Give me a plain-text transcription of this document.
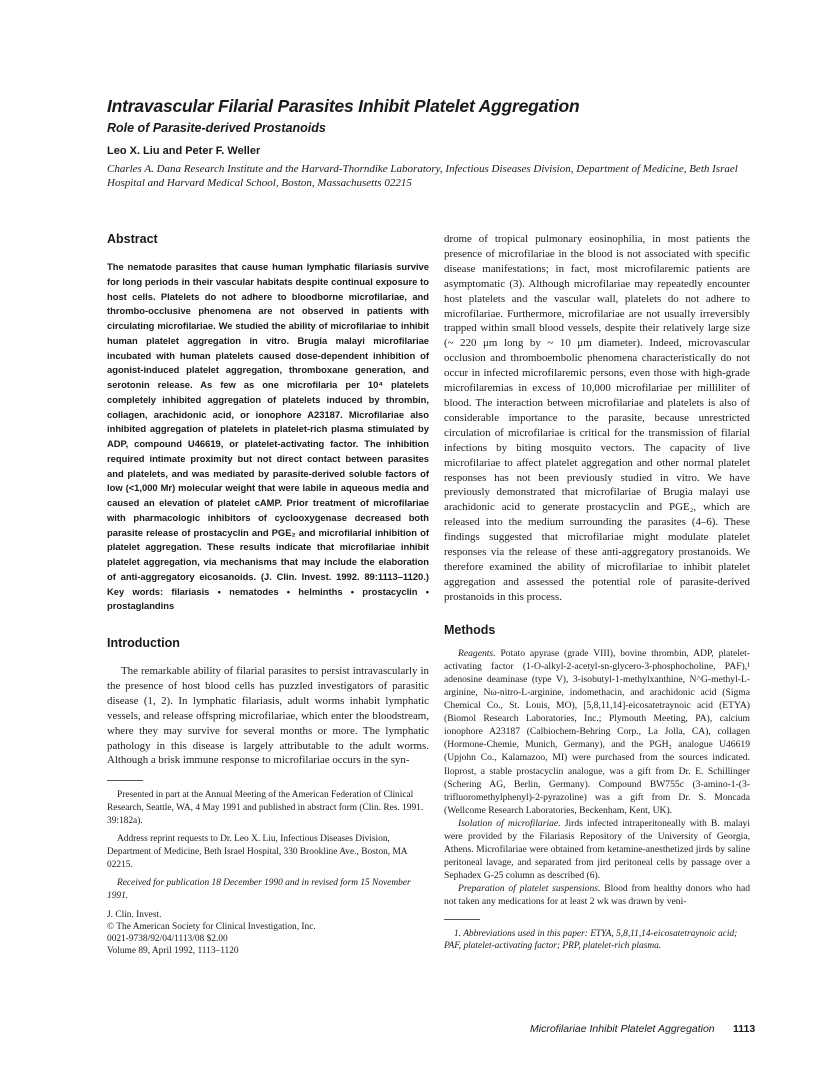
Intravascular Filarial Parasites Inhibit Platelet Aggregation
Role of Parasite-derived Prostanoids
Leo X. Liu and Peter F. Weller
Charles A. Dana Research Institute and the Harvard-Thorndike Laboratory, Infectious Diseases Division, Department of Medicine, Beth Israel Hospital and Harvard Medical School, Boston, Massachusetts 02215
Abstract

The nematode parasites that cause human lymphatic filariasis survive for long periods in their vascular habitats despite continual exposure to host cells. Platelets do not adhere to bloodborne microfilariae, and thrombo-occlusive phenomena are not observed in patients with circulating microfilariae. We studied the ability of microfilariae to inhibit human platelet aggregation in vitro. Brugia malayi microfilariae incubated with human platelets caused dose-dependent inhibition of agonist-induced platelet aggregation, thromboxane generation, and serotonin release. As few as one microfilaria per 10⁴ platelets completely inhibited aggregation of platelets induced by thrombin, collagen, arachidonic acid, or ionophore A23187. Microfilariae also inhibited aggregation of platelets in platelet-rich plasma stimulated by ADP, compound U46619, or platelet-activating factor. The inhibition required intimate proximity but not direct contact between parasites and platelets, and was mediated by parasite-derived soluble factors of low (<1,000 Mr) molecular weight that were labile in aqueous media and caused an elevation of platelet cAMP. Prior treatment of microfilariae with pharmacologic inhibitors of cyclooxygenase decreased both parasite release of prostacyclin and PGE₂ and microfilarial inhibition of platelet aggregation. These results indicate that microfilariae inhibit platelet aggregation, via mechanisms that may include the elaboration of anti-aggregatory eicosanoids. (J. Clin. Invest. 1992. 89:1113–1120.) Key words: filariasis • nematodes • helminths • prostacyclin • prostaglandins

Introduction

The remarkable ability of filarial parasites to persist intravascularly in the presence of host blood cells has puzzled investigators of parasitic disease (1, 2). In lymphatic filariasis, adult worms inhabit lymphatic vessels, and release offspring microfilariae, which enter the bloodstream, where they may survive for several months or more. The lymphatic pathology in this disease is largely attributable to the adult worms. Although a brisk immune response to microfilariae occurs in the syn-

Presented in part at the Annual Meeting of the American Federation of Clinical Research, Seattle, WA, 4 May 1991 and published in abstract form (Clin. Res. 1991. 39:182a).

Address reprint requests to Dr. Leo X. Liu, Infectious Diseases Division, Department of Medicine, Beth Israel Hospital, 330 Brookline Ave., Boston, MA 02215.

Received for publication 18 December 1990 and in revised form 15 November 1991.

J. Clin. Invest.
© The American Society for Clinical Investigation, Inc.
0021-9738/92/04/1113/08 $2.00
Volume 89, April 1992, 1113–1120

drome of tropical pulmonary eosinophilia, in most patients the presence of microfilariae in the blood is not associated with specific disease manifestations; in fact, most microfilaremic patients are asymptomatic (3). Although microfilariae may repeatedly encounter host platelets and the vascular wall, platelets do not adhere to microfilariae. Furthermore, microfilariae are not usually irreversibly trapped within small blood vessels, despite their relatively large size (~ 220 μm long by ~ 10 μm diameter). Indeed, microvascular occlusion and thromboembolic phenomena characteristically do not occur in infected microfilaremic persons, even those with high-grade microfilaremias in excess of 10,000 microfilariae per milliliter of blood. The interaction between microfilariae and platelets is also of considerable importance to the parasite, because unrestricted circulation of microfilariae is critical for the transmission of filarial infections by biting mosquito vectors. The capacity of live microfilariae to affect platelet aggregation and other normal platelet responses has not been previously studied in vitro. We have previously demonstrated that microfilariae of Brugia malayi use arachidonic acid to generate prostacyclin and PGE₂, which are released into the medium surrounding the parasites (4–6). These findings suggested that microfilariae might modulate platelet responses via the release of these anti-aggregatory prostanoids. We therefore examined the ability of microfilariae to inhibit platelet aggregation and assessed the potential role of parasite-derived prostanoids in this process.

Methods

Reagents. Potato apyrase (grade VIII), bovine thrombin, ADP, platelet-activating factor (1-O-alkyl-2-acetyl-sn-glycero-3-phosphocholine, PAF),¹ adenosine deaminase (type V), 3-isobutyl-1-methylxanthine, N^G-methyl-L-arginine, Nω-nitro-L-arginine, indomethacin, and arachidonic acid (Sigma Chemical Co., St. Louis, MO), [5,8,11,14]-eicosatetraynoic acid (ETYA) (Biomol Research Laboratories, Inc.; Plymouth Meeting, PA), calcium ionophore A23187 (Calbiochem-Behring Corp., La Jolla, CA), collagen (Hormone-Chemie, Munich, Germany), and the PGH₂ analogue U46619 (Upjohn Co., Kalamazoo, MI) were purchased from the sources indicated. Iloprost, a stable prostacyclin analogue, was a gift from Dr. E. Schillinger (Schering AG, Berlin, Germany). Compound BW755c (3-amino-1-(3-trifluoromethylphenyl)-2-pyrazoline) was a gift from Dr. S. Moncada (Wellcome Research Laboratories, Beckenham, Kent, UK).

Isolation of microfilariae. Jirds infected intraperitoneally with B. malayi were provided by the Filariasis Repository of the University of Georgia, Athens. Microfilariae were obtained from ketamine-anesthetized jirds by saline peritoneal lavage, and separated from jird peritoneal cells by passage over a Sephadex G-25 column as described (6).

Preparation of platelet suspensions. Blood from healthy donors who had not taken any medications for at least 2 wk was drawn by veni-

1. Abbreviations used in this paper: ETYA, 5,8,11,14-eicosatetraynoic acid; PAF, platelet-activating factor; PRP, platelet-rich plasma.

Microfilariae Inhibit Platelet Aggregation 1113
